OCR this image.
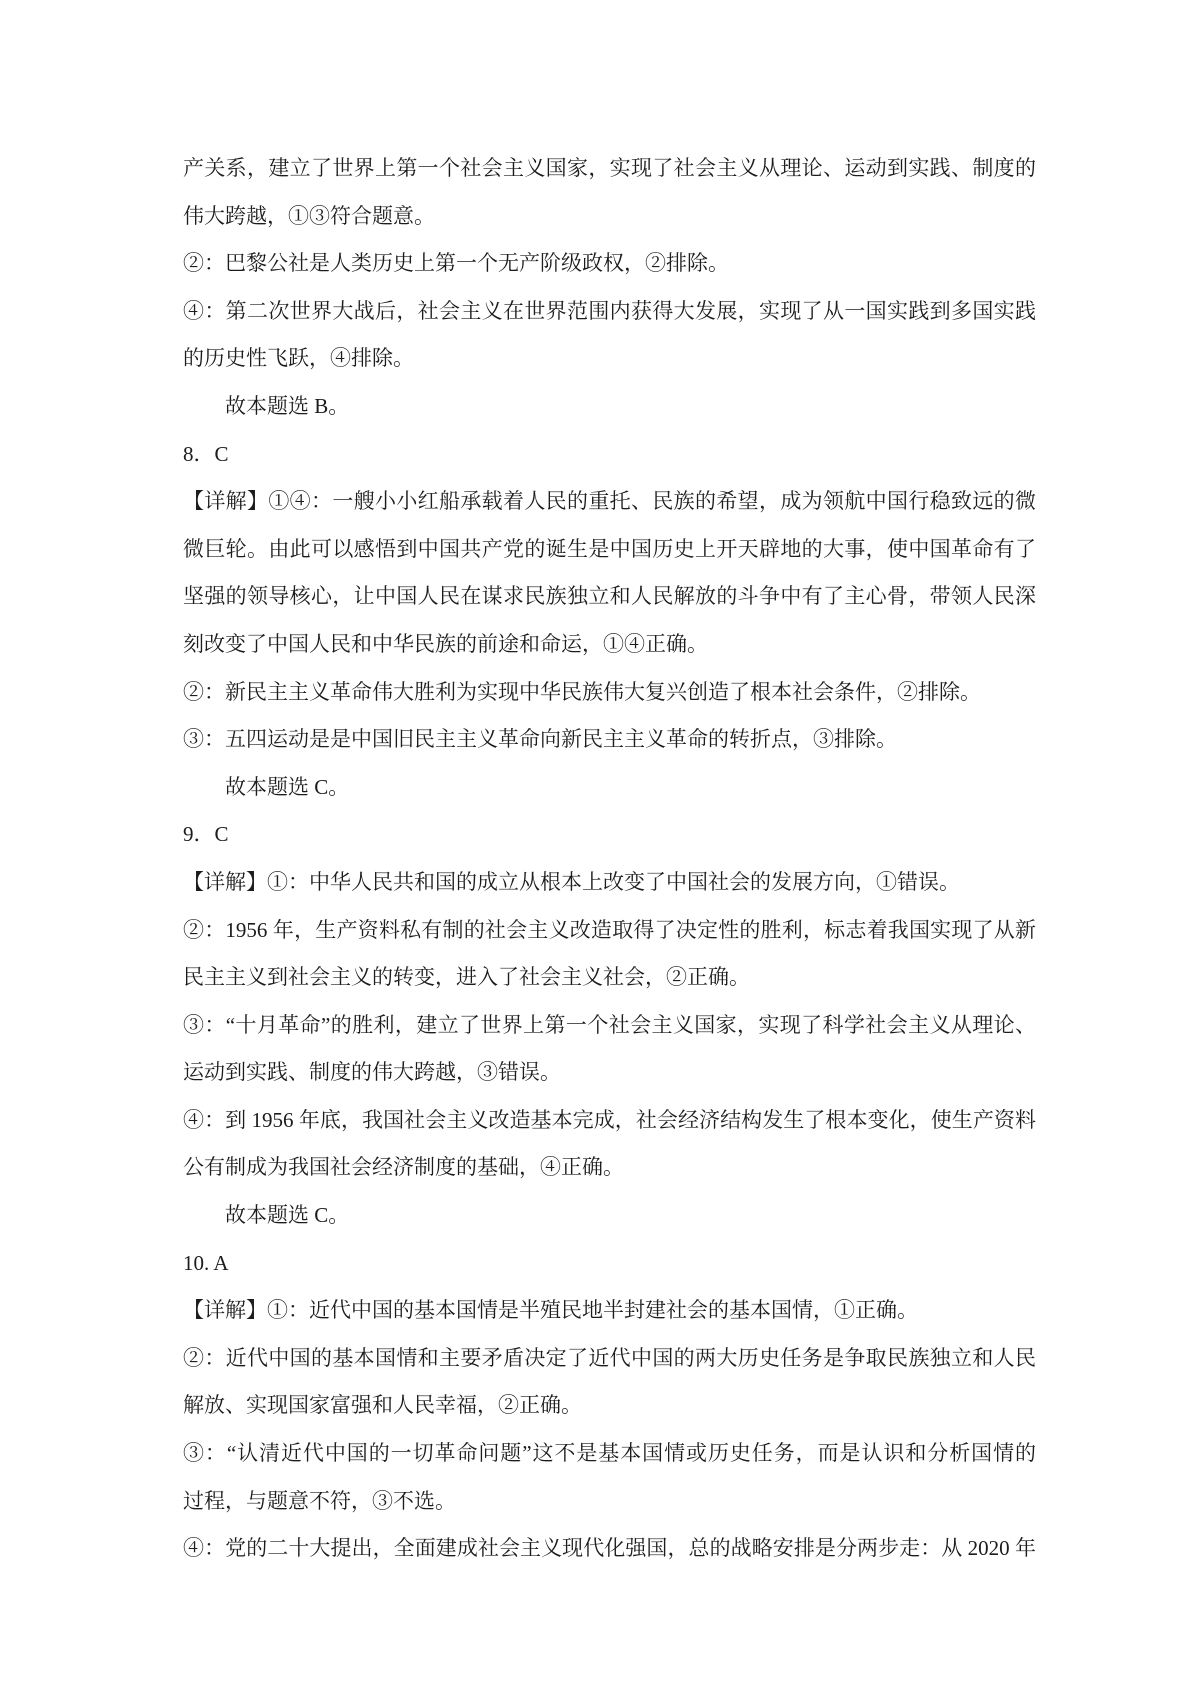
产关系，建立了世界上第一个社会主义国家，实现了社会主义从理论、运动到实践、制度的
伟大跨越，①③符合题意。
②：巴黎公社是人类历史上第一个无产阶级政权，②排除。
④：第二次世界大战后，社会主义在世界范围内获得大发展，实现了从一国实践到多国实践
的历史性飞跃，④排除。
故本题选 B。
8．C
【详解】①④：一艘小小红船承载着人民的重托、民族的希望，成为领航中国行稳致远的微
微巨轮。由此可以感悟到中国共产党的诞生是中国历史上开天辟地的大事，使中国革命有了
坚强的领导核心，让中国人民在谋求民族独立和人民解放的斗争中有了主心骨，带领人民深
刻改变了中国人民和中华民族的前途和命运，①④正确。
②：新民主主义革命伟大胜利为实现中华民族伟大复兴创造了根本社会条件，②排除。
③：五四运动是是中国旧民主主义革命向新民主主义革命的转折点，③排除。
故本题选 C。
9．C
【详解】①：中华人民共和国的成立从根本上改变了中国社会的发展方向，①错误。
②：1956 年，生产资料私有制的社会主义改造取得了决定性的胜利，标志着我国实现了从新
民主主义到社会主义的转变，进入了社会主义社会，②正确。
③：“十月革命”的胜利，建立了世界上第一个社会主义国家，实现了科学社会主义从理论、
运动到实践、制度的伟大跨越，③错误。
④：到 1956 年底，我国社会主义改造基本完成，社会经济结构发生了根本变化，使生产资料
公有制成为我国社会经济制度的基础，④正确。
故本题选 C。
10. A
【详解】①：近代中国的基本国情是半殖民地半封建社会的基本国情，①正确。
②：近代中国的基本国情和主要矛盾决定了近代中国的两大历史任务是争取民族独立和人民
解放、实现国家富强和人民幸福，②正确。
③：“认清近代中国的一切革命问题”这不是基本国情或历史任务，而是认识和分析国情的
过程，与题意不符，③不选。
④：党的二十大提出，全面建成社会主义现代化强国，总的战略安排是分两步走：从 2020 年
